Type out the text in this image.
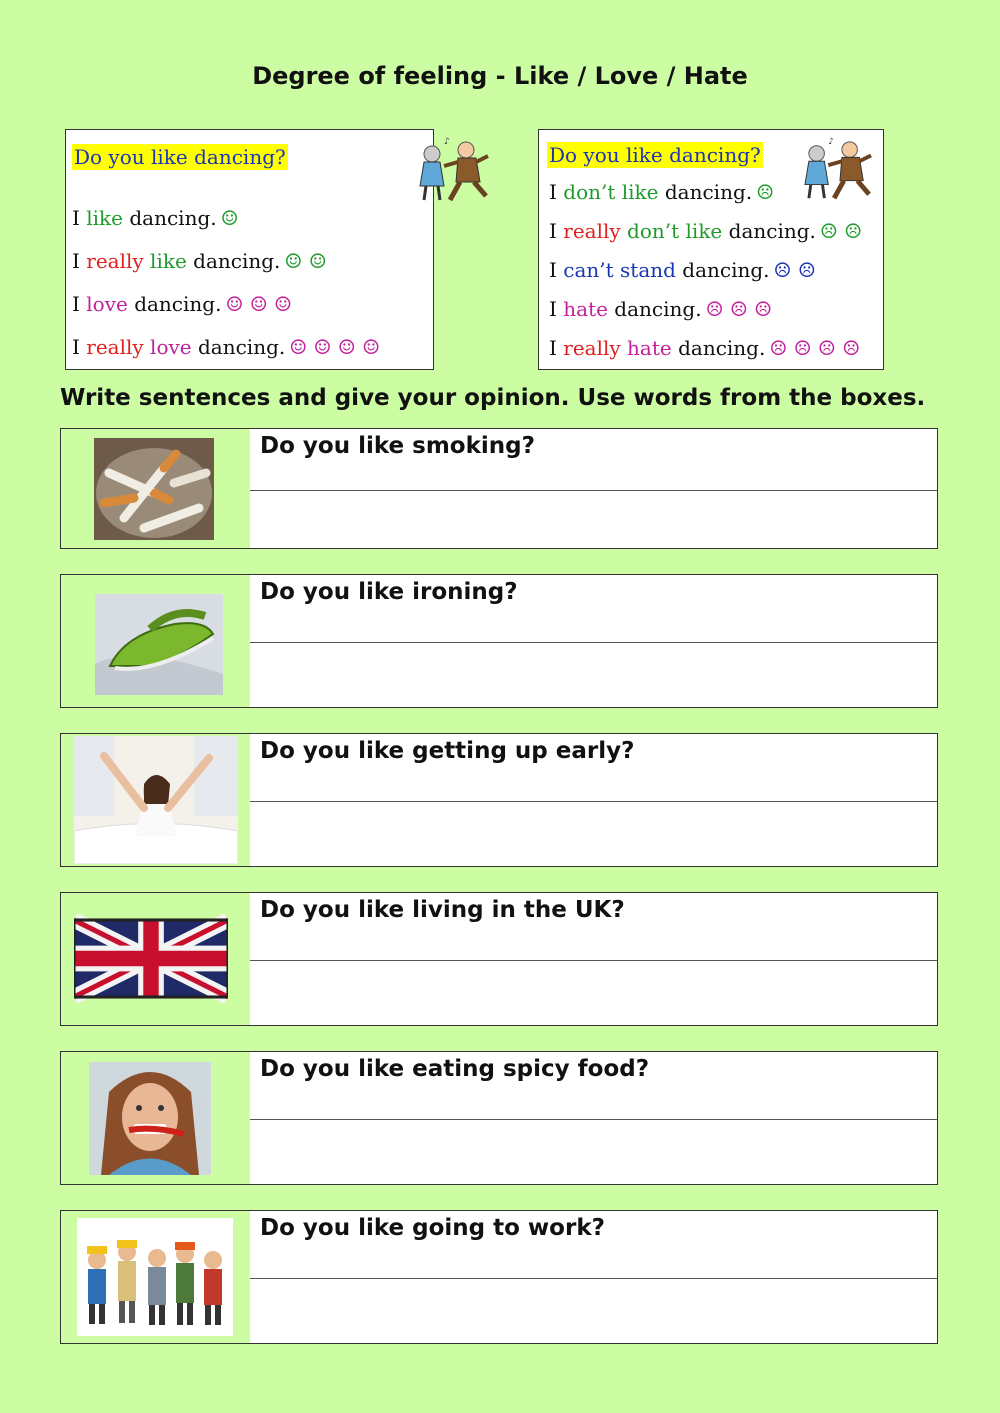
Degree of feeling - Like / Love / Hate
Do you like dancing?
♪
I like dancing. ☺
I really like dancing. ☺ ☺
I love dancing. ☺ ☺ ☺
I really love dancing. ☺ ☺ ☺ ☺
Do you like dancing?
♪
I don’t like dancing. ☹
I really don’t like dancing. ☹ ☹
I can’t stand dancing. ☹ ☹
I hate dancing. ☹ ☹ ☹
I really hate dancing. ☹ ☹ ☹ ☹
Write sentences and give your opinion. Use words from the boxes.
Do you like smoking?
Do you like ironing?
Do you like getting up early?
Do you like living in the UK?
Do you like eating spicy food?
Do you like going to work?
